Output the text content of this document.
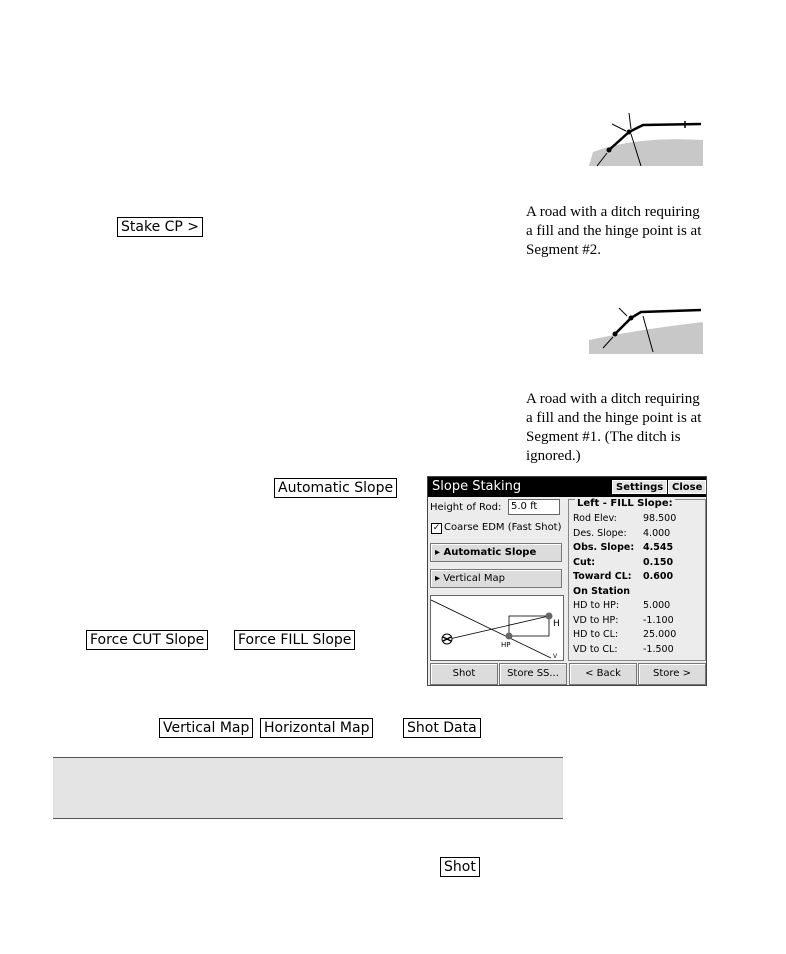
A road with a ditch requiring
a fill and the hinge point is at
Segment #2.
Stake CP >
A road with a ditch requiring
a fill and the hinge point is at
Segment #1. (The ditch is
ignored.)
Automatic Slope	Slope Staking	Settings Close
Height of Rod: 5.0 ft
✓ Coarse EDM (Fast Shot)
▸ Automatic Slope
▸ Vertical Map
HP
H
V
Left - FILL Slope:
Rod Elev:	98.500
Des. Slope: 4.000
Obs. Slope: 4.545
Cut:	0.150
Toward CL: 0.600
On Station
HD to HP:	5.000
VD to HP:	-1.100
HD to CL:	25.000
VD to CL:	-1.500
Shot	Store SS...	< Back	Store >
Force CUT Slope Force FILL Slope
Vertical Map Horizontal Map	Shot Data
Shot
